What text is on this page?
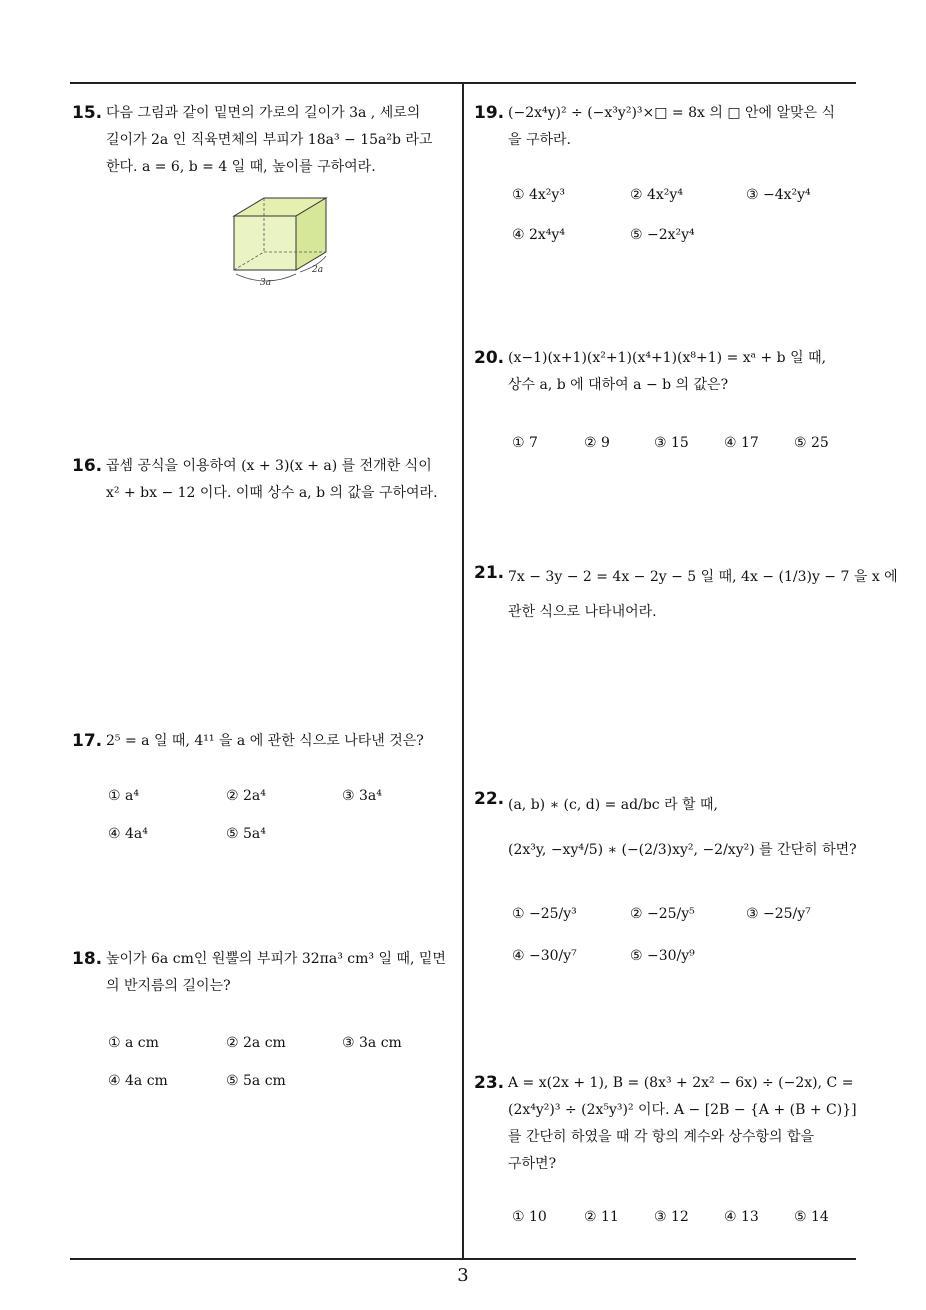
15. 다음 그림과 같이 밑면의 가로의 길이가 3a , 세로의
길이가 2a 인 직육면체의 부피가 18a³ − 15a²b 라고
한다. a = 6, b = 4 일 때, 높이를 구하여라.
3a
2a
16. 곱셈 공식을 이용하여 (x + 3)(x + a) 를 전개한 식이
x² + bx − 12 이다. 이때 상수 a, b 의 값을 구하여라.
17. 2⁵ = a 일 때, 4¹¹ 을 a 에 관한 식으로 나타낸 것은?
① a⁴	② 2a⁴	③ 3a⁴
④ 4a⁴	⑤ 5a⁴
18. 높이가 6a cm인 원뿔의 부피가 32πa³ cm³ 일 때, 밑면
의 반지름의 길이는?
① a cm	② 2a cm	③ 3a cm
④ 4a cm	⑤ 5a cm
19. (−2x⁴y)² ÷ (−x³y²)³×□ = 8x 의 □ 안에 알맞은 식
을 구하라.
① 4x²y³	② 4x²y⁴	③ −4x²y⁴
④ 2x⁴y⁴	⑤ −2x²y⁴
20. (x−1)(x+1)(x²+1)(x⁴+1)(x⁸+1) = xᵃ + b 일 때,
상수 a, b 에 대하여 a − b 의 값은?
① 7	② 9	③ 15	④ 17	⑤ 25
21. 7x − 3y − 2 = 4x − 2y − 5 일 때, 4x − (1/3)y − 7 을 x 에
관한 식으로 나타내어라.
22. (a, b) ∗ (c, d) = ad/bc 라 할 때,
(2x³y, −xy⁴/5) ∗ (−(2/3)xy², −2/xy²) 를 간단히 하면?
① −25/y³	② −25/y⁵	③ −25/y⁷
④ −30/y⁷	⑤ −30/y⁹
23. A = x(2x + 1), B = (8x³ + 2x² − 6x) ÷ (−2x), C =
(2x⁴y²)³ ÷ (2x⁵y³)² 이다. A − [2B − {A + (B + C)}]
를 간단히 하였을 때 각 항의 계수와 상수항의 합을
구하면?
① 10	② 11	③ 12	④ 13	⑤ 14
3
